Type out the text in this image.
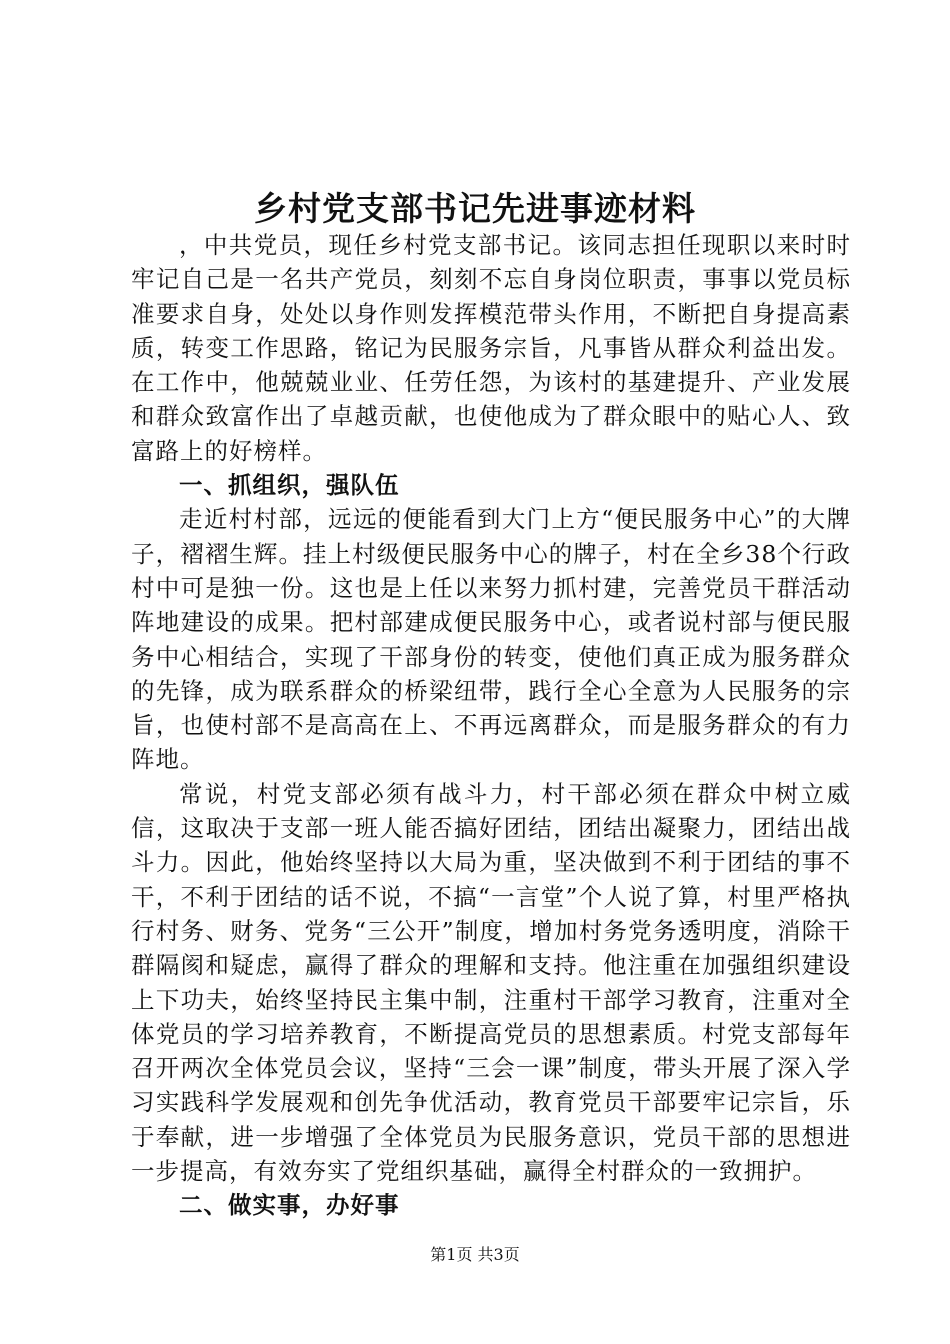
乡村党支部书记先进事迹材料

，中共党员，现任乡村党支部书记。该同志担任现职以来时时牢记自己是一名共产党员，刻刻不忘自身岗位职责，事事以党员标准要求自身，处处以身作则发挥模范带头作用，不断把自身提高素质，转变工作思路，铭记为民服务宗旨，凡事皆从群众利益出发。在工作中，他兢兢业业、任劳任怨，为该村的基建提升、产业发展和群众致富作出了卓越贡献，也使他成为了群众眼中的贴心人、致富路上的好榜样。

一、抓组织，强队伍

走近村村部，远远的便能看到大门上方“便民服务中心”的大牌子，褶褶生辉。挂上村级便民服务中心的牌子，村在全乡38个行政村中可是独一份。这也是上任以来努力抓村建，完善党员干群活动阵地建设的成果。把村部建成便民服务中心，或者说村部与便民服务中心相结合，实现了干部身份的转变，使他们真正成为服务群众的先锋，成为联系群众的桥梁纽带，践行全心全意为人民服务的宗旨，也使村部不是高高在上、不再远离群众，而是服务群众的有力阵地。

常说，村党支部必须有战斗力，村干部必须在群众中树立威信，这取决于支部一班人能否搞好团结，团结出凝聚力，团结出战斗力。因此，他始终坚持以大局为重，坚决做到不利于团结的事不干，不利于团结的话不说，不搞“一言堂”个人说了算，村里严格执行村务、财务、党务“三公开”制度，增加村务党务透明度，消除干群隔阂和疑虑，赢得了群众的理解和支持。他注重在加强组织建设上下功夫，始终坚持民主集中制，注重村干部学习教育，注重对全体党员的学习培养教育，不断提高党员的思想素质。村党支部每年召开两次全体党员会议，坚持“三会一课”制度，带头开展了深入学习实践科学发展观和创先争优活动，教育党员干部要牢记宗旨，乐于奉献，进一步增强了全体党员为民服务意识，党员干部的思想进一步提高，有效夯实了党组织基础，赢得全村群众的一致拥护。

二、做实事，办好事
第1页 共3页
